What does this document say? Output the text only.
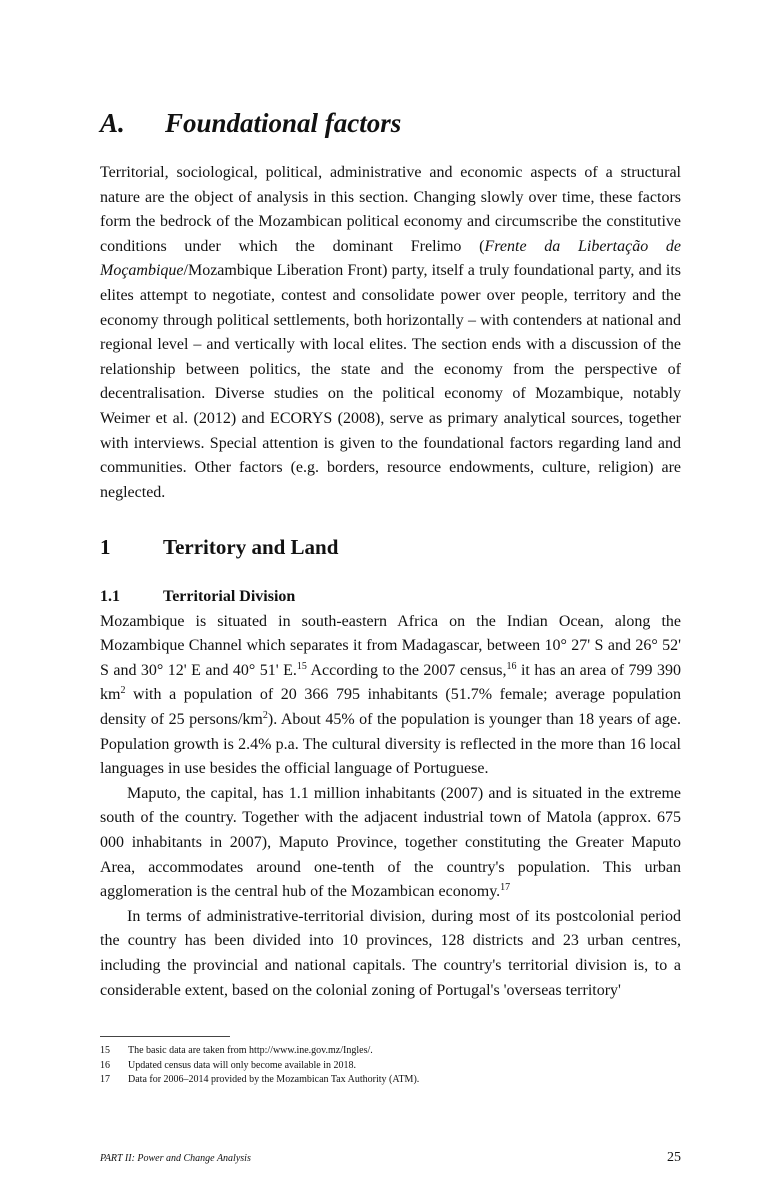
A. Foundational factors

Territorial, sociological, political, administrative and economic aspects of a structural nature are the object of analysis in this section. Changing slowly over time, these factors form the bedrock of the Mozambican political economy and circumscribe the constitutive conditions under which the dominant Frelimo (Frente da Libertação de Moçambique/Mozambique Liberation Front) party, itself a truly foundational party, and its elites attempt to negotiate, contest and consolidate power over people, territory and the economy through political settlements, both horizontally – with contenders at national and regional level – and vertically with local elites. The section ends with a discussion of the relationship between politics, the state and the economy from the perspective of decentralisation. Diverse studies on the political economy of Mozambique, notably Weimer et al. (2012) and ECORYS (2008), serve as primary analytical sources, together with interviews. Special attention is given to the foundational factors regarding land and communities. Other factors (e.g. borders, resource endowments, culture, religion) are neglected.

1	Territory and Land
1.1	Territorial Division

Mozambique is situated in south-eastern Africa on the Indian Ocean, along the Mozambique Channel which separates it from Madagascar, between 10° 27' S and 26° 52' S and 30° 12' E and 40° 51' E.$^{15}$ According to the 2007 census,$^{16}$ it has an area of 799 390 $km^2$ with a population of 20 366 795 inhabitants (51.7% female; average population density of 25 persons/$km^2$). About 45% of the population is younger than 18 years of age. Population growth is 2.4% p.a. The cultural diversity is reflected in the more than 16 local languages in use besides the official language of Portuguese.

Maputo, the capital, has 1.1 million inhabitants (2007) and is situated in the extreme south of the country. Together with the adjacent industrial town of Matola (approx. 675 000 inhabitants in 2007), Maputo Province, together constituting the Greater Maputo Area, accommodates around one-tenth of the country's population. This urban agglomeration is the central hub of the Mozambican economy.$^{17}$

In terms of administrative-territorial division, during most of its postcolonial period the country has been divided into 10 provinces, 128 districts and 23 urban centres, including the provincial and national capitals. The country's territorial division is, to a considerable extent, based on the colonial zoning of Portugal's 'overseas territory'

15	The basic data are taken from http://www.ine.gov.mz/Ingles/.
16	Updated census data will only become available in 2018.
17	Data for 2006–2014 provided by the Mozambican Tax Authority (ATM).
PART II: Power and Change Analysis	25
